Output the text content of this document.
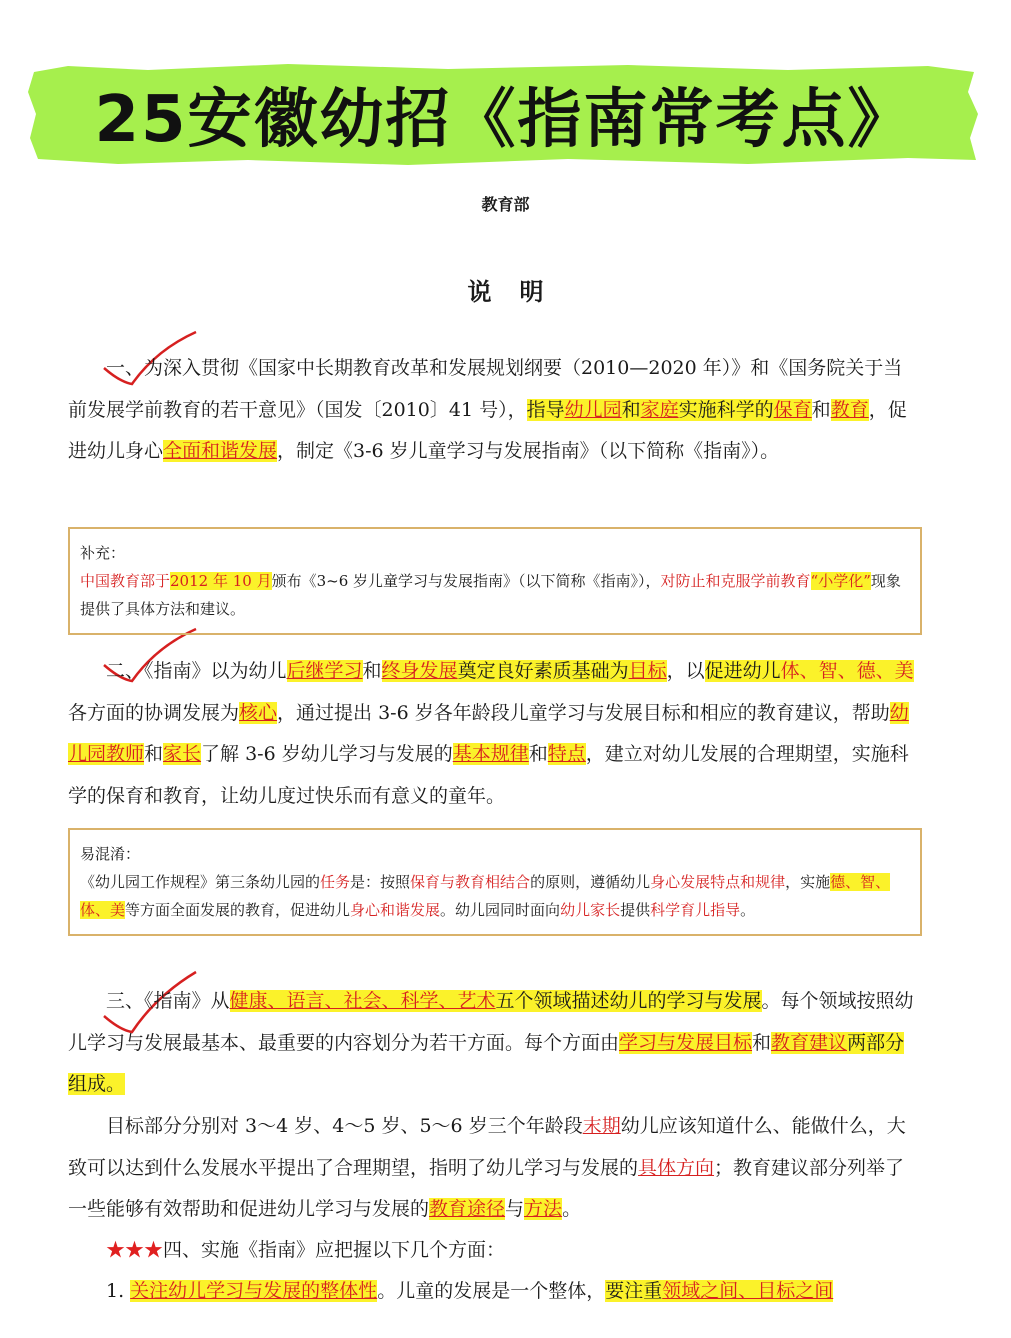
25安徽幼招《指南常考点》
教育部
说明

一、为深入贯彻《国家中长期教育改革和发展规划纲要（2010—2020 年）》和《国务院关于当前发展学前教育的若干意见》（国发〔2010〕41 号），指导幼儿园和家庭实施科学的保育和教育，促进幼儿身心全面和谐发展，制定《3-6 岁儿童学习与发展指南》（以下简称《指南》）。

补充：

中国教育部于2012 年 10 月颁布《3~6 岁儿童学习与发展指南》（以下简称《指南》），对防止和克服学前教育“小学化”现象提供了具体方法和建议。

二、《指南》以为幼儿后继学习和终身发展奠定良好素质基础为目标，以促进幼儿体、智、德、美各方面的协调发展为核心，通过提出 3-6 岁各年龄段儿童学习与发展目标和相应的教育建议，帮助幼儿园教师和家长了解 3-6 岁幼儿学习与发展的基本规律和特点，建立对幼儿发展的合理期望，实施科学的保育和教育，让幼儿度过快乐而有意义的童年。

易混淆：

《幼儿园工作规程》第三条幼儿园的任务是：按照保育与教育相结合的原则，遵循幼儿身心发展特点和规律，实施德、智、体、美等方面全面发展的教育，促进幼儿身心和谐发展。幼儿园同时面向幼儿家长提供科学育儿指导。

三、《指南》从健康、语言、社会、科学、艺术五个领域描述幼儿的学习与发展。每个领域按照幼儿学习与发展最基本、最重要的内容划分为若干方面。每个方面由学习与发展目标和教育建议两部分组成。

目标部分分别对 3～4 岁、4～5 岁、5～6 岁三个年龄段末期幼儿应该知道什么、能做什么，大致可以达到什么发展水平提出了合理期望，指明了幼儿学习与发展的具体方向；教育建议部分列举了一些能够有效帮助和促进幼儿学习与发展的教育途径与方法。

★★★四、实施《指南》应把握以下几个方面：

1. 关注幼儿学习与发展的整体性。儿童的发展是一个整体，要注重领域之间、目标之间
